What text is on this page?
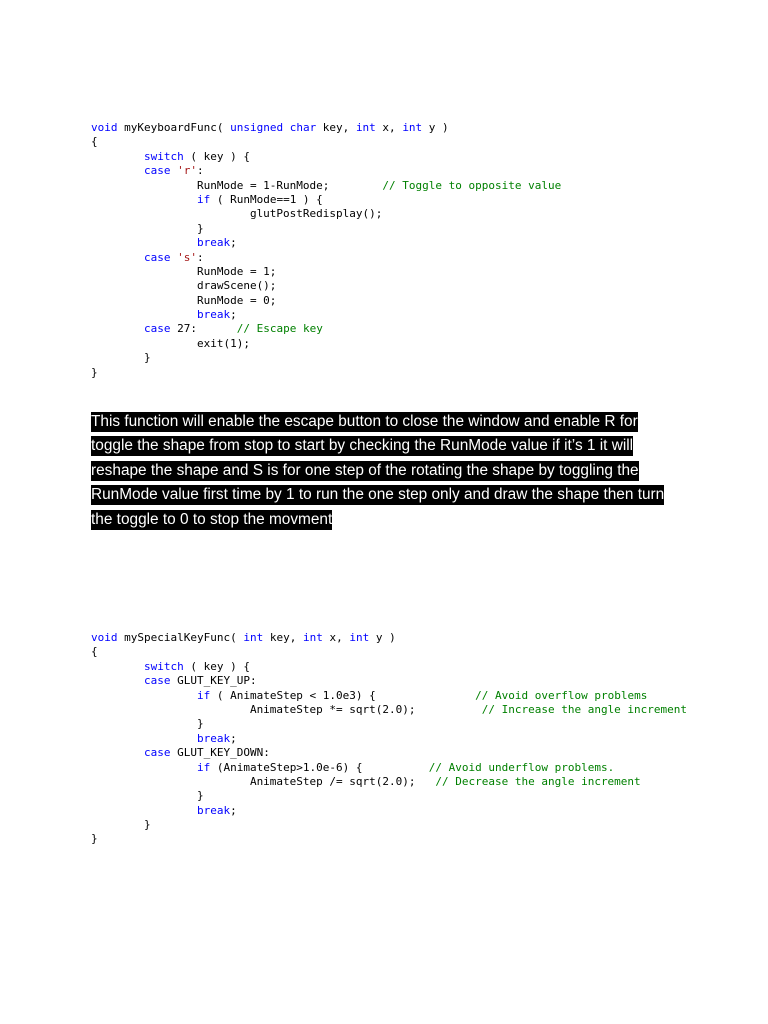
void myKeyboardFunc( unsigned char key, int x, int y )
{
switch ( key ) {
case 'r':
RunMode = 1-RunMode;        // Toggle to opposite value
if ( RunMode==1 ) {
glutPostRedisplay();
}
break;
case 's':
RunMode = 1;
drawScene();
RunMode = 0;
break;
case 27:      // Escape key
exit(1);
}
}
This function will enable the escape button to close the window and enable R for toggle the shape from stop to start by checking the RunMode value if it’s 1 it will reshape the shape and S is for one step of the rotating the shape by toggling the RunMode value first time by 1 to run the one step only and draw the shape then turn the toggle to 0 to stop the movment
void mySpecialKeyFunc( int key, int x, int y )
{
switch ( key ) {
case GLUT_KEY_UP:
if ( AnimateStep < 1.0e3) {               // Avoid overflow problems
AnimateStep *= sqrt(2.0);          // Increase the angle increment
}
break;
case GLUT_KEY_DOWN:
if (AnimateStep>1.0e-6) {          // Avoid underflow problems.
AnimateStep /= sqrt(2.0);   // Decrease the angle increment
}
break;
}
}
